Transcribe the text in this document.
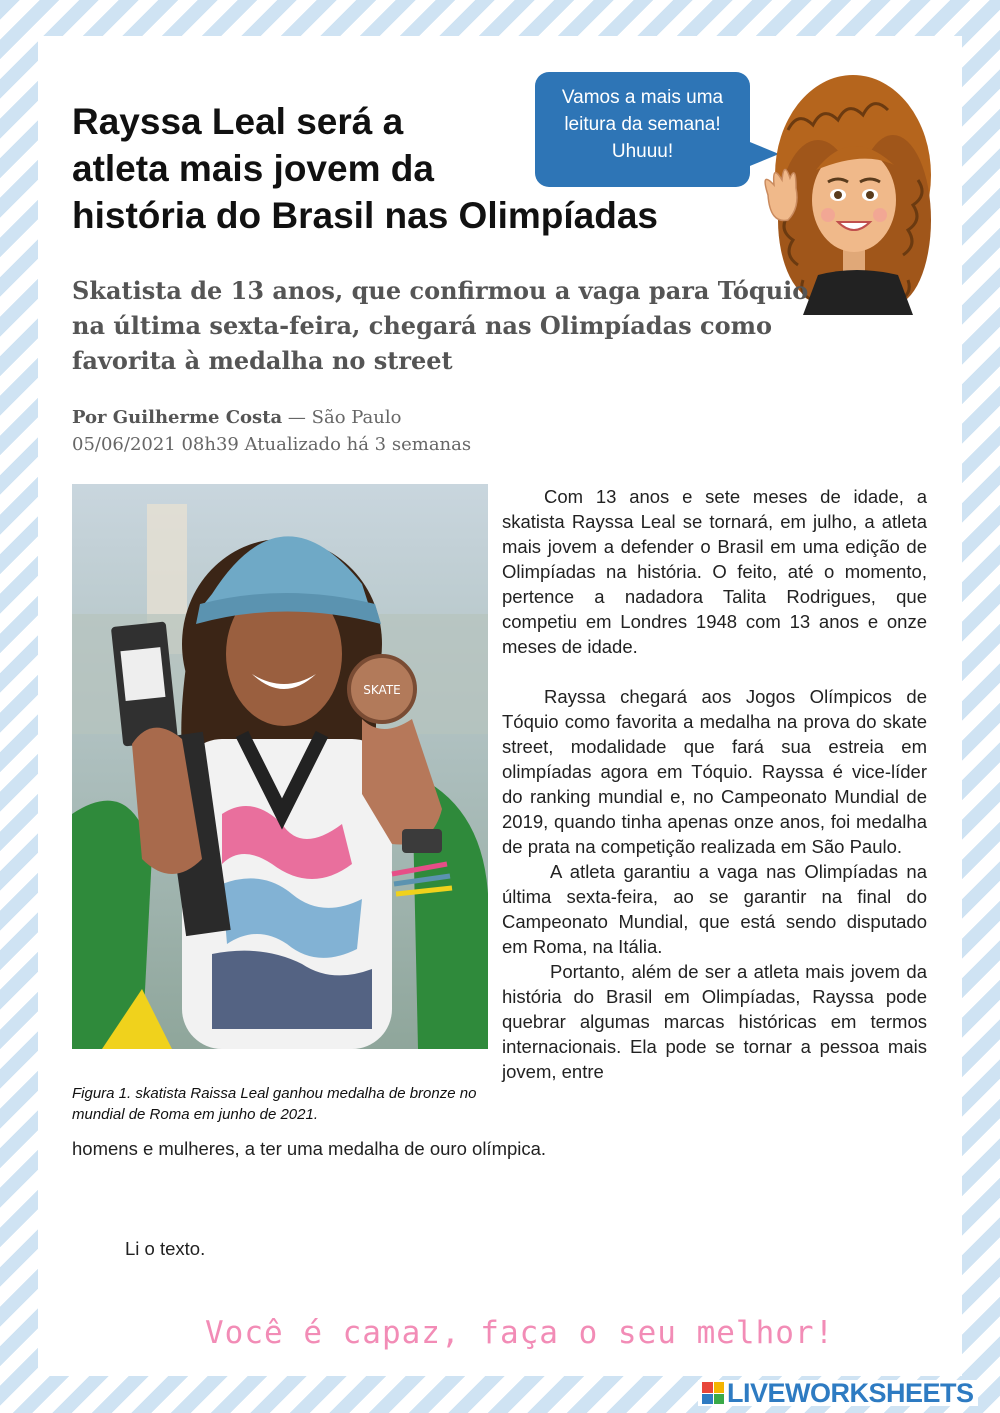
Rayssa Leal será a
atleta mais jovem da
história do Brasil nas Olimpíadas
Vamos a mais uma leitura da semana! Uhuuu!
Skatista de 13 anos, que confirmou a vaga para Tóquio na última sexta-feira, chegará nas Olimpíadas como favorita à medalha no street
Por Guilherme Costa — São Paulo
05/06/2021 08h39 Atualizado há 3 semanas
SKATE
Figura 1. skatista Raissa Leal ganhou medalha de bronze no mundial de Roma em junho de 2021.

Com 13 anos e sete meses de idade, a skatista Rayssa Leal se tornará, em julho, a atleta mais jovem a defender o Brasil em uma edição de Olimpíadas na história. O feito, até o momento, pertence a nadadora Talita Rodrigues, que competiu em Londres 1948 com 13 anos e onze meses de idade.

Rayssa chegará aos Jogos Olímpicos de Tóquio como favorita a medalha na prova do skate street, modalidade que fará sua estreia em olimpíadas agora em Tóquio. Rayssa é vice-líder do ranking mundial e, no Campeonato Mundial de 2019, quando tinha apenas onze anos, foi medalha de prata na competição realizada em São Paulo.

A atleta garantiu a vaga nas Olimpíadas na última sexta-feira, ao se garantir na final do Campeonato Mundial, que está sendo disputado em Roma, na Itália.

Portanto, além de ser a atleta mais jovem da história do Brasil em Olimpíadas, Rayssa pode quebrar algumas marcas históricas em termos internacionais. Ela pode se tornar a pessoa mais jovem, entre

homens e mulheres, a ter uma medalha de ouro olímpica.
Li o texto.
Você é capaz, faça o seu melhor!
LIVEWORKSHEETS
